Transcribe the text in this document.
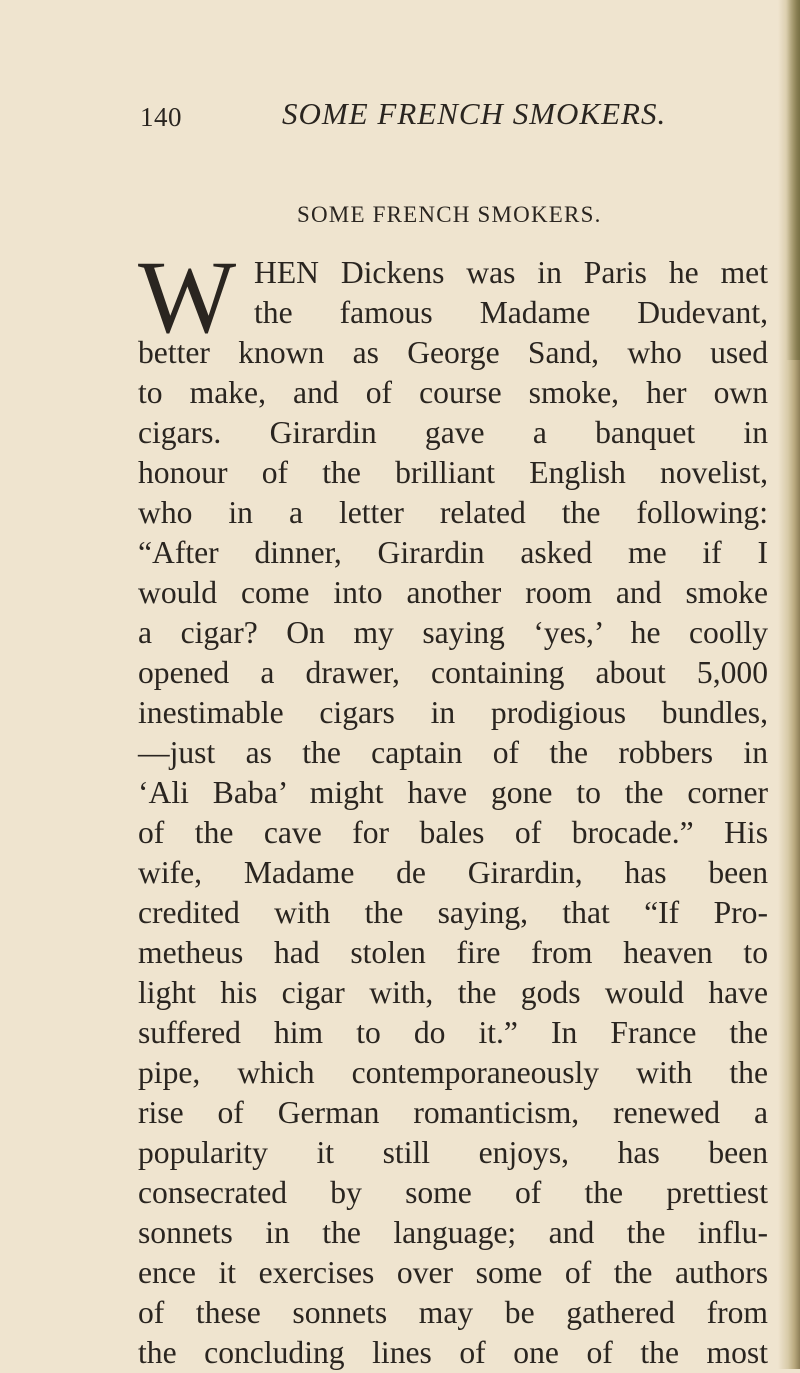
140	SOME FRENCH SMOKERS.
SOME FRENCH SMOKERS.
W HEN Dickens was in Paris he met
the famous Madame Dudevant,
better known as George Sand, who used
to make, and of course smoke, her own
cigars. Girardin gave a banquet in
honour of the brilliant English novelist,
who in a letter related the following:
“After dinner, Girardin asked me if I
would come into another room and smoke
a cigar? On my saying ‘yes,’ he coolly
opened a drawer, containing about 5,000
inestimable cigars in prodigious bundles,
—just as the captain of the robbers in
‘Ali Baba’ might have gone to the corner
of the cave for bales of brocade.” His
wife, Madame de Girardin, has been
credited with the saying, that “If Pro-
metheus had stolen fire from heaven to
light his cigar with, the gods would have
suffered him to do it.” In France the
pipe, which contemporaneously with the
rise of German romanticism, renewed a
popularity it still enjoys, has been
consecrated by some of the prettiest
sonnets in the language; and the influ-
ence it exercises over some of the authors
of these sonnets may be gathered from
the concluding lines of one of the most
